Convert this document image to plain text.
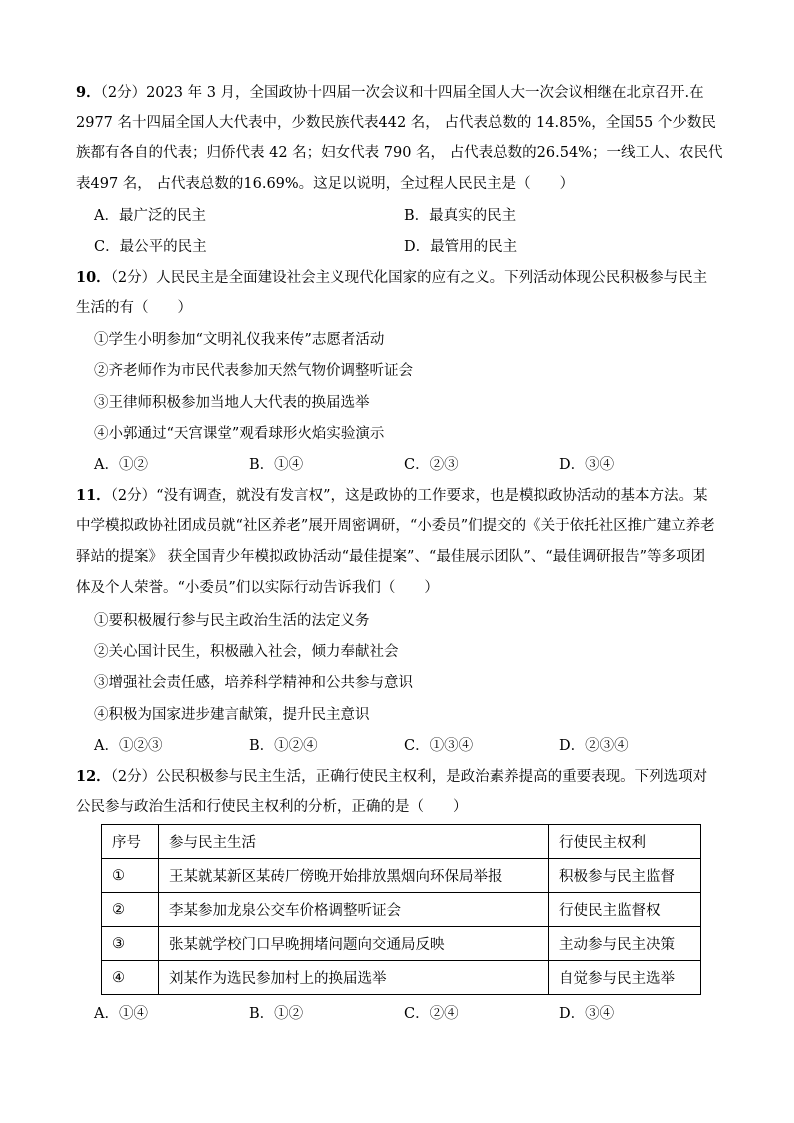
9．（2分）2023 年 3 月，全国政协十四届一次会议和十四届全国人大一次会议相继在北京召开.在
2977 名十四届全国人大代表中，少数民族代表442 名， 占代表总数的 14.85%，全国55 个少数民
族都有各自的代表；归侨代表 42 名；妇女代表 790 名， 占代表总数的26.54%；一线工人、农民代
表497 名， 占代表总数的16.69%。这足以说明，全过程人民民主是（　　）
A．最广泛的民主	B．最真实的民主
C．最公平的民主	D．最管用的民主
10．（2分）人民民主是全面建设社会主义现代化国家的应有之义。下列活动体现公民积极参与民主
生活的有（　　）
①学生小明参加“文明礼仪我来传”志愿者活动
②齐老师作为市民代表参加天然气物价调整听证会
③王律师积极参加当地人大代表的换届选举
④小郭通过“天宫课堂”观看球形火焰实验演示
A．①②	B．①④	C．②③	D．③④
11．（2分）“没有调查，就没有发言权”，这是政协的工作要求，也是模拟政协活动的基本方法。某
中学模拟政协社团成员就“社区养老”展开周密调研，“小委员”们提交的《关于依托社区推广建立养老
驿站的提案》 获全国青少年模拟政协活动“最佳提案”、“最佳展示团队”、“最佳调研报告”等多项团
体及个人荣誉。“小委员”们以实际行动告诉我们（　　）
①要积极履行参与民主政治生活的法定义务
②关心国计民生，积极融入社会，倾力奉献社会
③增强社会责任感，培养科学精神和公共参与意识
④积极为国家进步建言献策，提升民主意识
A．①②③	B．①②④	C．①③④	D．②③④
12．（2分）公民积极参与民主生活，正确行使民主权利，是政治素养提高的重要表现。下列选项对
公民参与政治生活和行使民主权利的分析，正确的是（　　）
序号	参与民主生活	行使民主权利
①	王某就某新区某砖厂傍晚开始排放黑烟向环保局举报	积极参与民主监督
②	李某参加龙泉公交车价格调整听证会	行使民主监督权
③	张某就学校门口早晚拥堵问题向交通局反映	主动参与民主决策
④	刘某作为选民参加村上的换届选举	自觉参与民主选举
A．①④	B．①②	C．②④	D．③④
